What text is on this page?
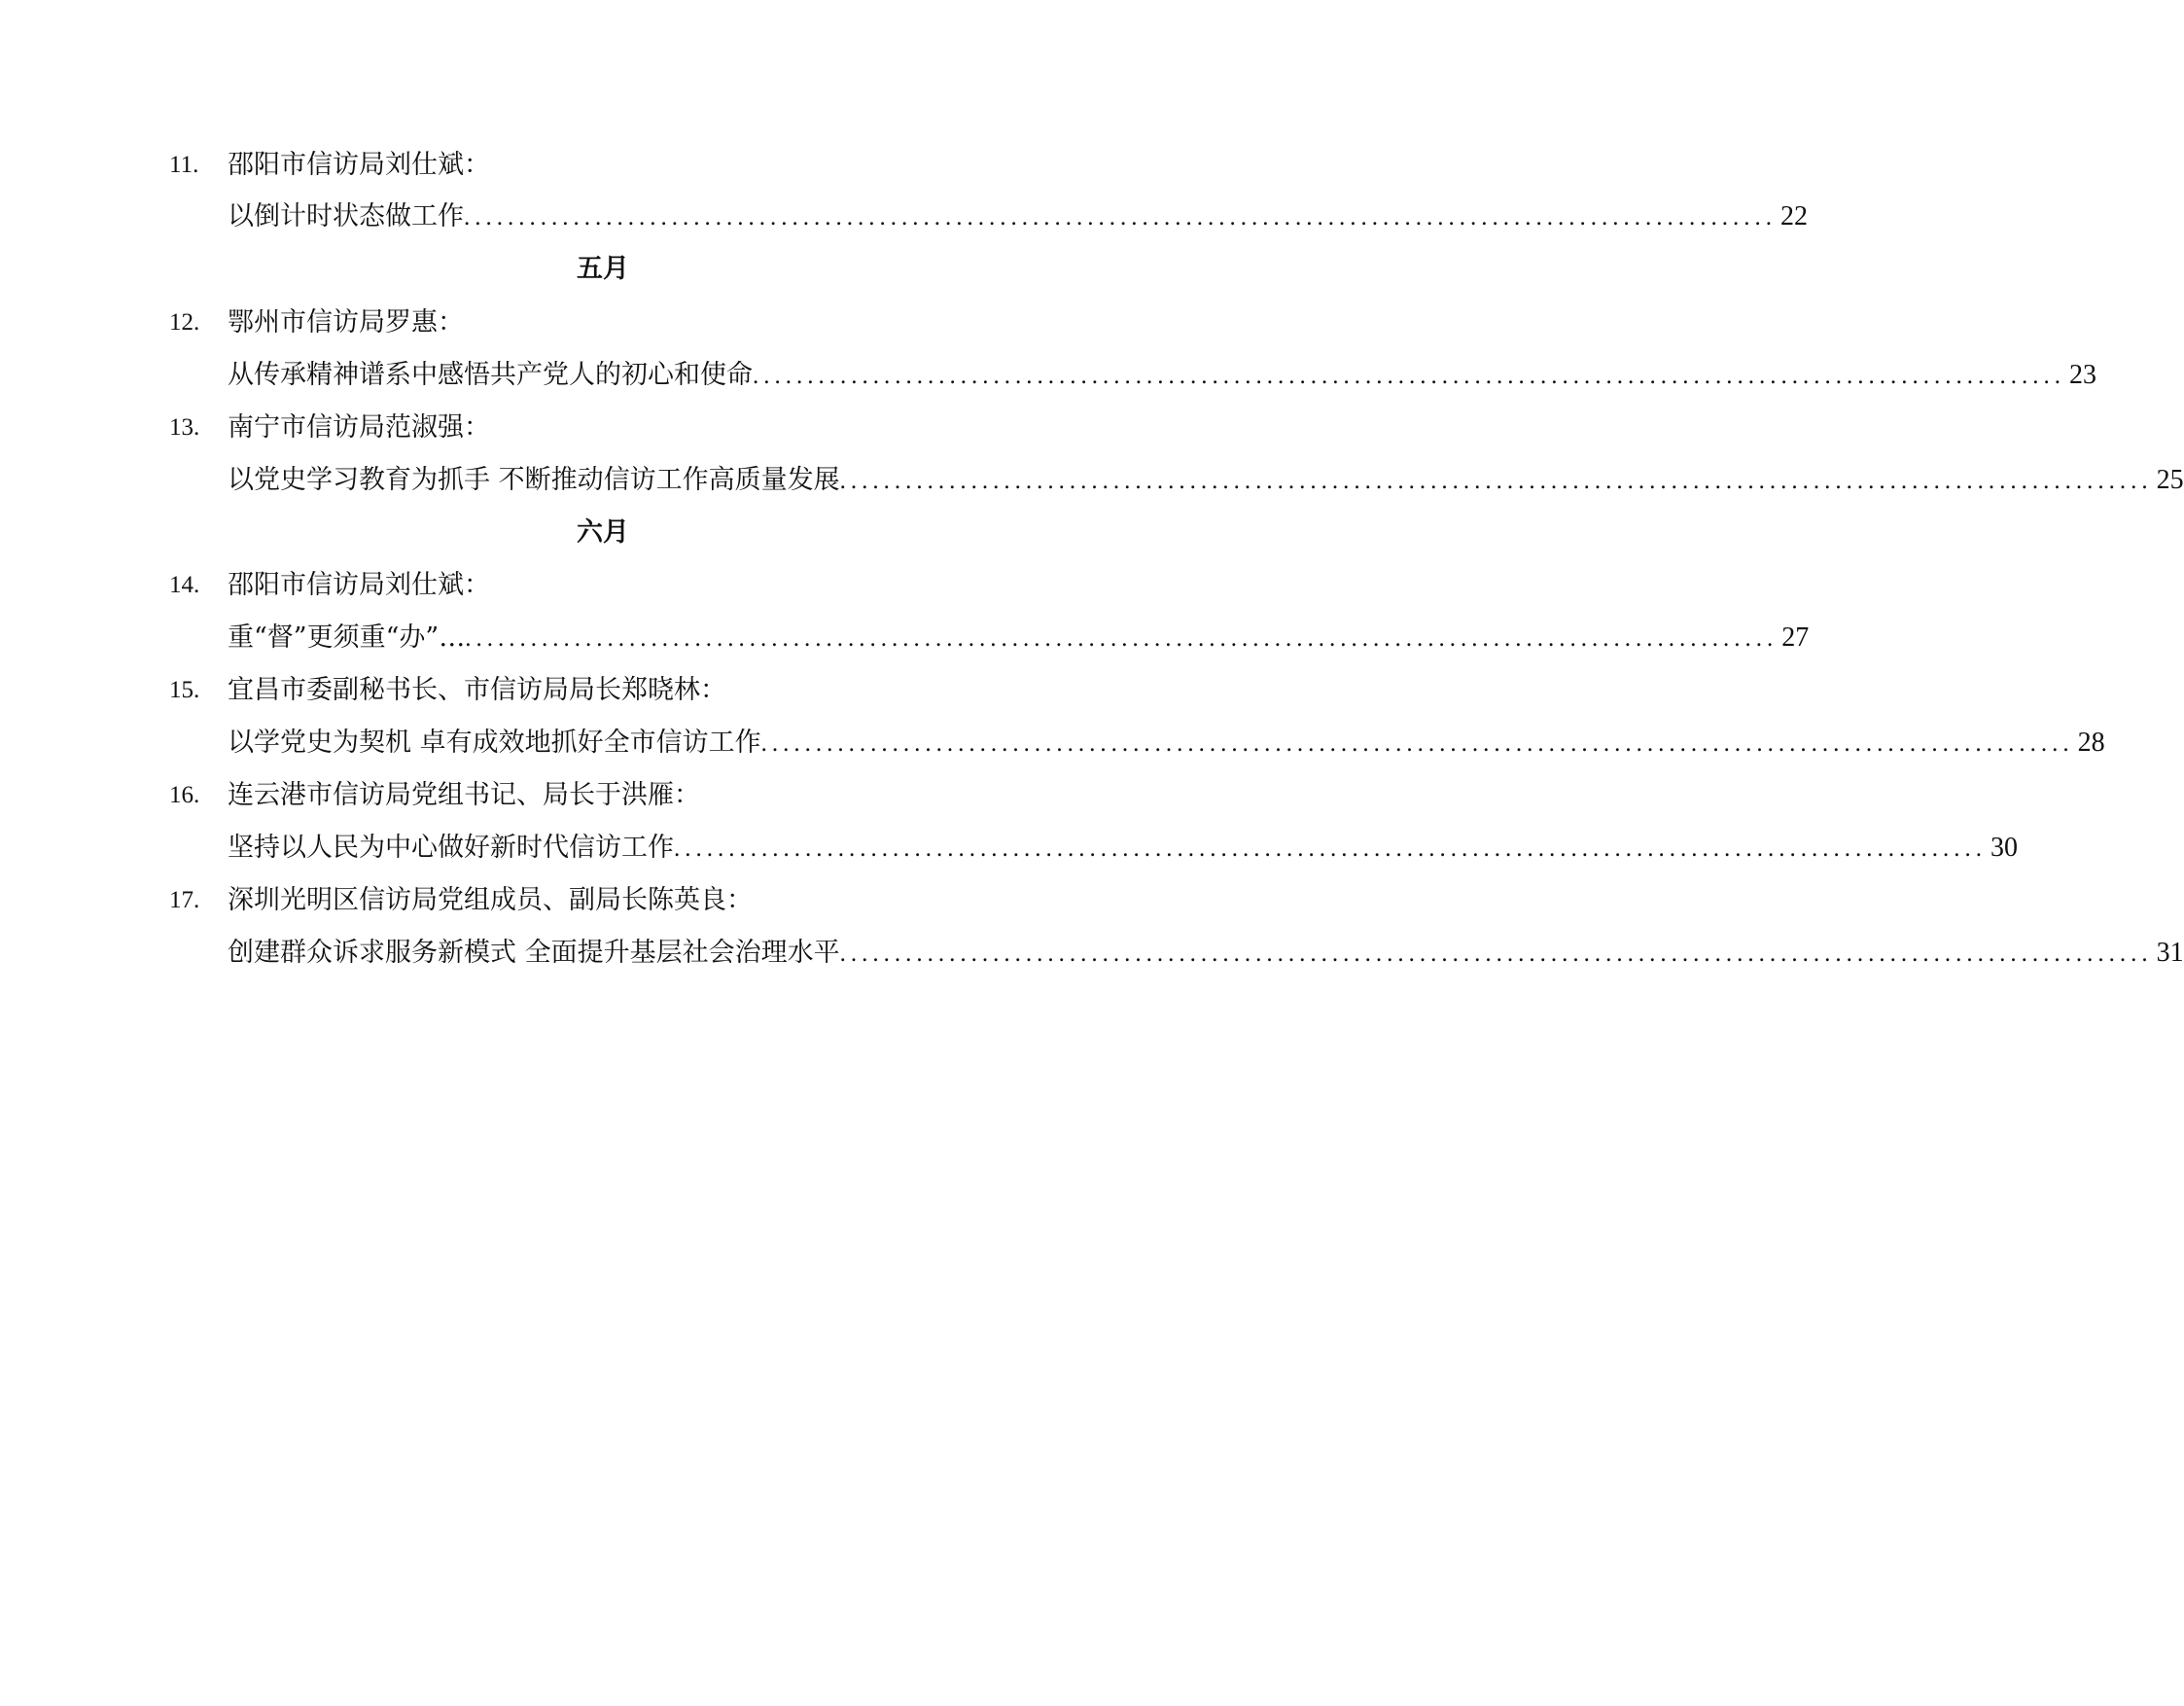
11.	邵阳市信访局刘仕斌：
以倒计时状态做工作 ........................................................................................................................ 22
五月
12.	鄂州市信访局罗惠：
从传承精神谱系中感悟共产党人的初心和使命 ........................................................................................................................ 23
13.	南宁市信访局范淑强：
以党史学习教育为抓手 不断推动信访工作高质量发展 ........................................................................................................................ 25
六月
14.	邵阳市信访局刘仕斌：
重“督”更须重“办”… ........................................................................................................................ 27
15.	宜昌市委副秘书长、市信访局局长郑晓林：
以学党史为契机 卓有成效地抓好全市信访工作 ........................................................................................................................ 28
16.	连云港市信访局党组书记、局长于洪雁：
坚持以人民为中心做好新时代信访工作 ........................................................................................................................ 30
17.	深圳光明区信访局党组成员、副局长陈英良：
创建群众诉求服务新模式 全面提升基层社会治理水平 ........................................................................................................................ 31
